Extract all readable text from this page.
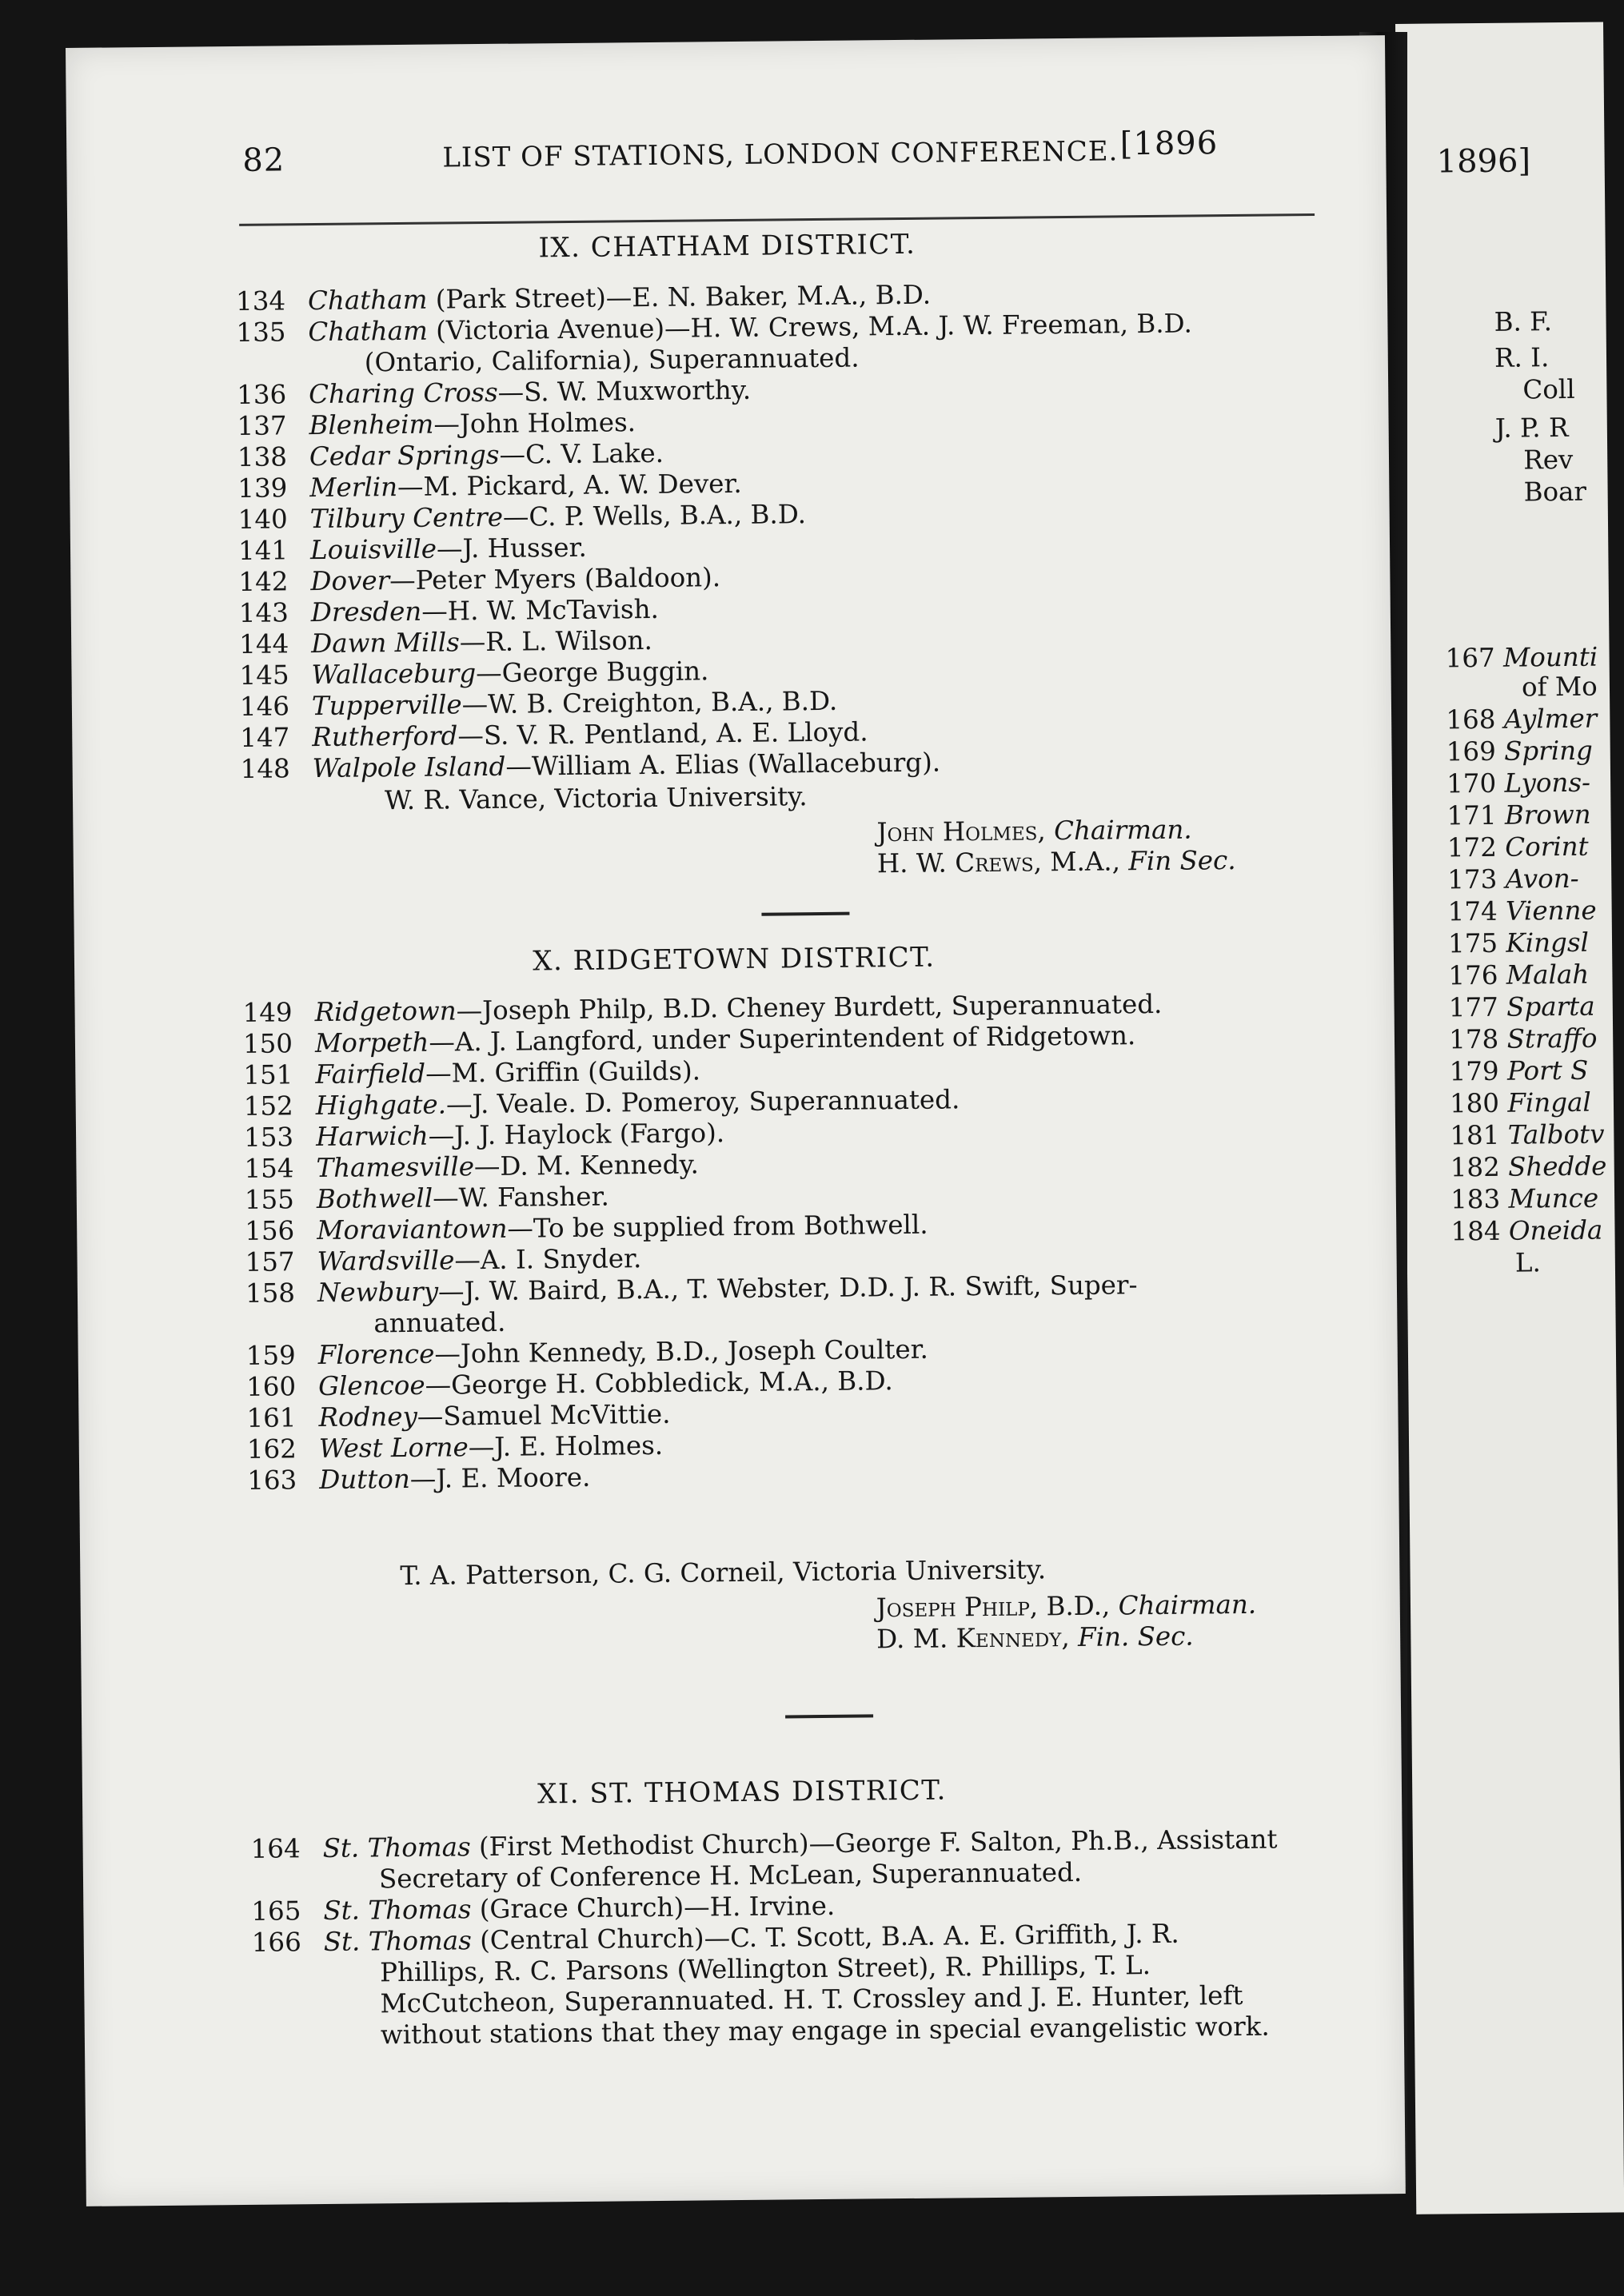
1896]
B. F.
R. I.
Coll
J. P. R
Rev
Boar
167 Mounti
of Mo
168 Aylmer
169 Spring
170 Lyons-
171 Brown
172 Corint
173 Avon-
174 Vienne
175 Kingsl
176 Malah
177 Sparta
178 Straffo
179 Port S
180 Fingal
181 Talbotv
182 Shedde
183 Munce
184 Oneida
L.
82	LIST OF STATIONS, LONDON CONFERENCE. [1896
IX. CHATHAM DISTRICT.
134 Chatham (Park Street)—E. N. Baker, M.A., B.D.
135 Chatham (Victoria Avenue)—H. W. Crews, M.A. J. W. Freeman, B.D.
(Ontario, California), Superannuated.
136 Charing Cross—S. W. Muxworthy.
137 Blenheim—John Holmes.
138 Cedar Springs—C. V. Lake.
139 Merlin—M. Pickard, A. W. Dever.
140 Tilbury Centre—C. P. Wells, B.A., B.D.
141 Louisville—J. Husser.
142 Dover—Peter Myers (Baldoon).
143 Dresden—H. W. McTavish.
144 Dawn Mills—R. L. Wilson.
145 Wallaceburg—George Buggin.
146 Tupperville—W. B. Creighton, B.A., B.D.
147 Rutherford—S. V. R. Pentland, A. E. Lloyd.
148 Walpole Island—William A. Elias (Wallaceburg).
W. R. Vance, Victoria University.
John Holmes, Chairman.
H. W. Crews, M.A., Fin Sec.
X. RIDGETOWN DISTRICT.
149 Ridgetown—Joseph Philp, B.D. Cheney Burdett, Superannuated.
150 Morpeth—A. J. Langford, under Superintendent of Ridgetown.
151 Fairfield—M. Griffin (Guilds).
152 Highgate.—J. Veale. D. Pomeroy, Superannuated.
153 Harwich—J. J. Haylock (Fargo).
154 Thamesville—D. M. Kennedy.
155 Bothwell—W. Fansher.
156 Moraviantown—To be supplied from Bothwell.
157 Wardsville—A. I. Snyder.
158 Newbury—J. W. Baird, B.A., T. Webster, D.D. J. R. Swift, Super-
annuated.
159 Florence—John Kennedy, B.D., Joseph Coulter.
160 Glencoe—George H. Cobbledick, M.A., B.D.
161 Rodney—Samuel McVittie.
162 West Lorne—J. E. Holmes.
163 Dutton—J. E. Moore.
T. A. Patterson, C. G. Corneil, Victoria University.
Joseph Philp, B.D., Chairman.
D. M. Kennedy, Fin. Sec.
XI. ST. THOMAS DISTRICT.
164 St. Thomas (First Methodist Church)—George F. Salton, Ph.B., Assistant
Secretary of Conference H. McLean, Superannuated.
165 St. Thomas (Grace Church)—H. Irvine.
166 St. Thomas (Central Church)—C. T. Scott, B.A. A. E. Griffith, J. R.
Phillips, R. C. Parsons (Wellington Street), R. Phillips, T. L.
McCutcheon, Superannuated. H. T. Crossley and J. E. Hunter, left
without stations that they may engage in special evangelistic work.
